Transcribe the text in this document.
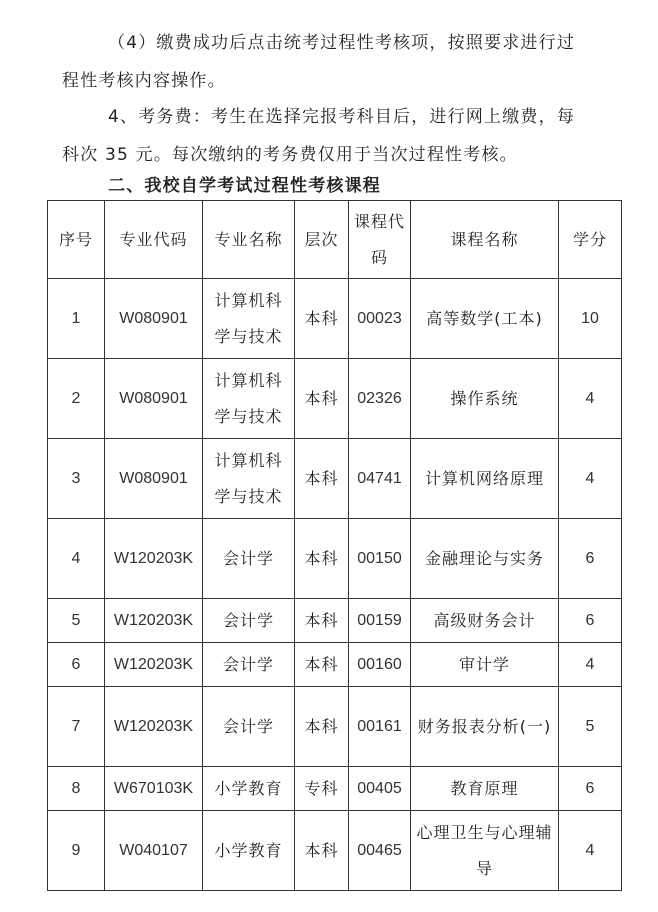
（4）缴费成功后点击统考过程性考核项，按照要求进行过
程性考核内容操作。
4、考务费：考生在选择完报考科目后，进行网上缴费，每
科次 35 元。每次缴纳的考务费仅用于当次过程性考核。
二、我校自学考试过程性考核课程
序号	专业代码	专业名称	层次	课程代码	课程名称	学分
1	W080901	计算机科学与技术	本科	00023	高等数学(工本)	10
2	W080901	计算机科学与技术	本科	02326	操作系统	4
3	W080901	计算机科学与技术	本科	04741	计算机网络原理	4
4	W120203K	会计学	本科	00150	金融理论与实务	6
5	W120203K	会计学	本科	00159	高级财务会计	6
6	W120203K	会计学	本科	00160	审计学	4
7	W120203K	会计学	本科	00161	财务报表分析(一)	5
8	W670103K	小学教育	专科	00405	教育原理	6
9	W040107	小学教育	本科	00465	心理卫生与心理辅导	4
